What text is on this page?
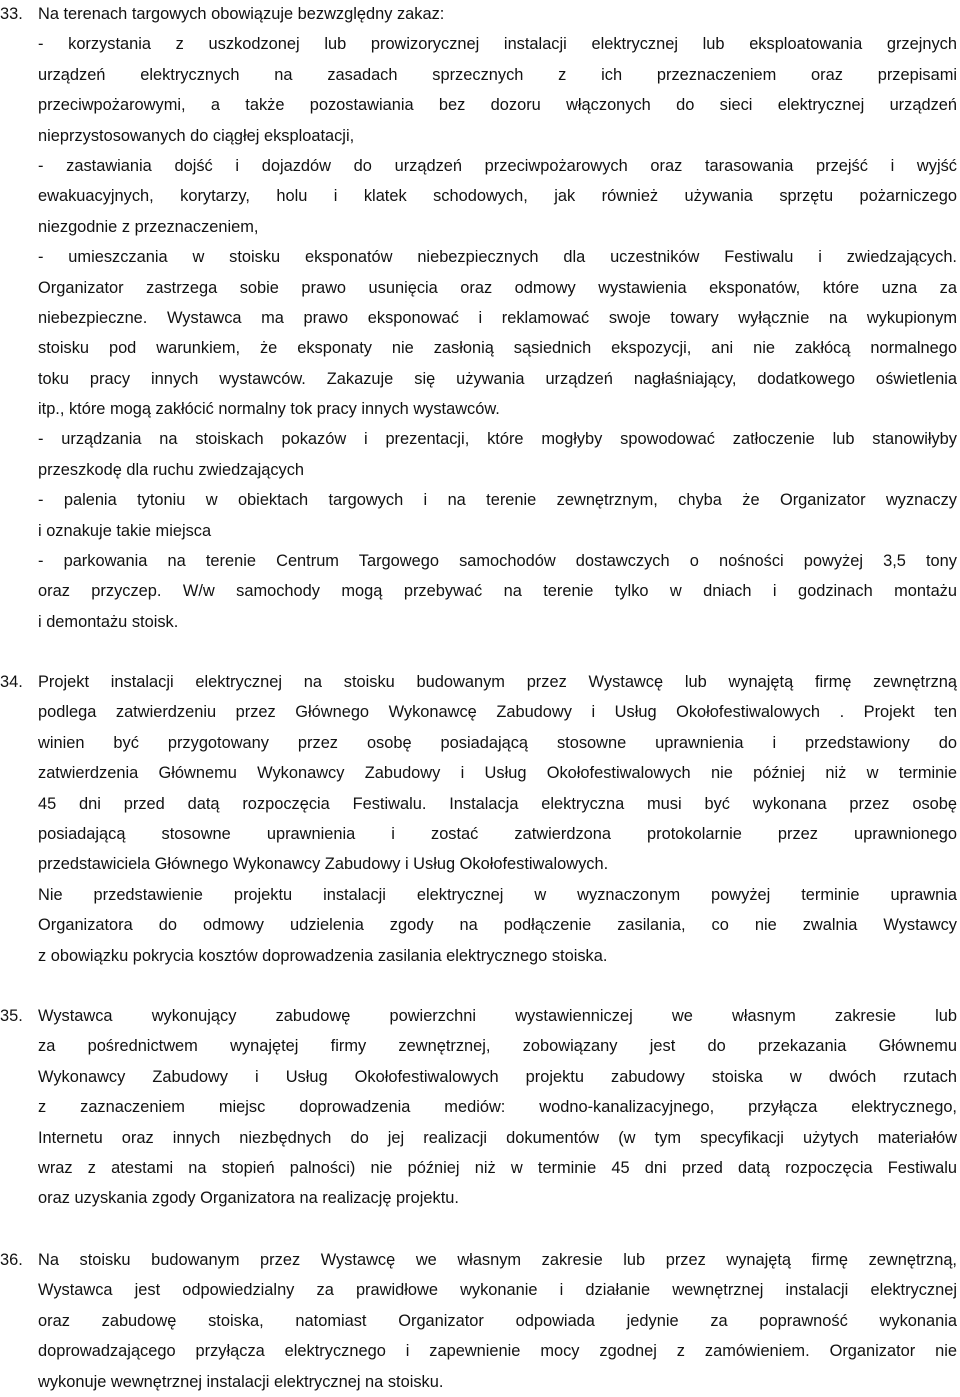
33. Na terenach targowych obowiązuje bezwzględny zakaz:
- korzystania z uszkodzonej lub prowizorycznej instalacji elektrycznej lub eksploatowania grzejnych
urządzeń elektrycznych na zasadach sprzecznych z ich przeznaczeniem oraz przepisami
przeciwpożarowymi, a także pozostawiania bez dozoru włączonych do sieci elektrycznej urządzeń
nieprzystosowanych do ciągłej eksploatacji,
- zastawiania dojść i dojazdów do urządzeń przeciwpożarowych oraz tarasowania przejść i wyjść
ewakuacyjnych, korytarzy, holu i klatek schodowych, jak również używania sprzętu pożarniczego
niezgodnie z przeznaczeniem,
- umieszczania w stoisku eksponatów niebezpiecznych dla uczestników Festiwalu i zwiedzających.
Organizator zastrzega sobie prawo usunięcia oraz odmowy wystawienia eksponatów, które uzna za
niebezpieczne. Wystawca ma prawo eksponować i reklamować swoje towary wyłącznie na wykupionym
stoisku pod warunkiem, że eksponaty nie zasłonią sąsiednich ekspozycji, ani nie zakłócą normalnego
toku pracy innych wystawców. Zakazuje się używania urządzeń nagłaśniający, dodatkowego oświetlenia
itp., które mogą zakłócić normalny tok pracy innych wystawców.
- urządzania na stoiskach pokazów i prezentacji, które mogłyby spowodować zatłoczenie lub stanowiłyby
przeszkodę dla ruchu zwiedzających
- palenia tytoniu w obiektach targowych i na terenie zewnętrznym, chyba że Organizator wyznaczy
i oznakuje takie miejsca
- parkowania na terenie Centrum Targowego samochodów dostawczych o nośności powyżej 3,5 tony
oraz przyczep. W/w samochody mogą przebywać na terenie tylko w dniach i godzinach montażu
i demontażu stoisk.
34. Projekt instalacji elektrycznej na stoisku budowanym przez Wystawcę lub wynajętą firmę zewnętrzną
podlega zatwierdzeniu przez Głównego Wykonawcę Zabudowy i Usług Okołofestiwalowych . Projekt ten
winien być przygotowany przez osobę posiadającą stosowne uprawnienia i przedstawiony do
zatwierdzenia Głównemu Wykonawcy Zabudowy i Usług Okołofestiwalowych nie później niż w terminie
45 dni przed datą rozpoczęcia Festiwalu. Instalacja elektryczna musi być wykonana przez osobę
posiadającą stosowne uprawnienia i zostać zatwierdzona protokolarnie przez uprawnionego
przedstawiciela Głównego Wykonawcy Zabudowy i Usług Okołofestiwalowych.
Nie przedstawienie projektu instalacji elektrycznej w wyznaczonym powyżej terminie uprawnia
Organizatora do odmowy udzielenia zgody na podłączenie zasilania, co nie zwalnia Wystawcy
z obowiązku pokrycia kosztów doprowadzenia zasilania elektrycznego stoiska.
35. Wystawca wykonujący zabudowę powierzchni wystawienniczej we własnym zakresie lub
za pośrednictwem wynajętej firmy zewnętrznej, zobowiązany jest do przekazania Głównemu
Wykonawcy Zabudowy i Usług Okołofestiwalowych projektu zabudowy stoiska w dwóch rzutach
z zaznaczeniem miejsc doprowadzenia mediów: wodno-kanalizacyjnego, przyłącza elektrycznego,
Internetu oraz innych niezbędnych do jej realizacji dokumentów (w tym specyfikacji użytych materiałów
wraz z atestami na stopień palności) nie później niż w terminie 45 dni przed datą rozpoczęcia Festiwalu
oraz uzyskania zgody Organizatora na realizację projektu.
36. Na stoisku budowanym przez Wystawcę we własnym zakresie lub przez wynajętą firmę zewnętrzną,
Wystawca jest odpowiedzialny za prawidłowe wykonanie i działanie wewnętrznej instalacji elektrycznej
oraz zabudowę stoiska, natomiast Organizator odpowiada jedynie za poprawność wykonania
doprowadzającego przyłącza elektrycznego i zapewnienie mocy zgodnej z zamówieniem. Organizator nie
wykonuje wewnętrznej instalacji elektrycznej na stoisku.
